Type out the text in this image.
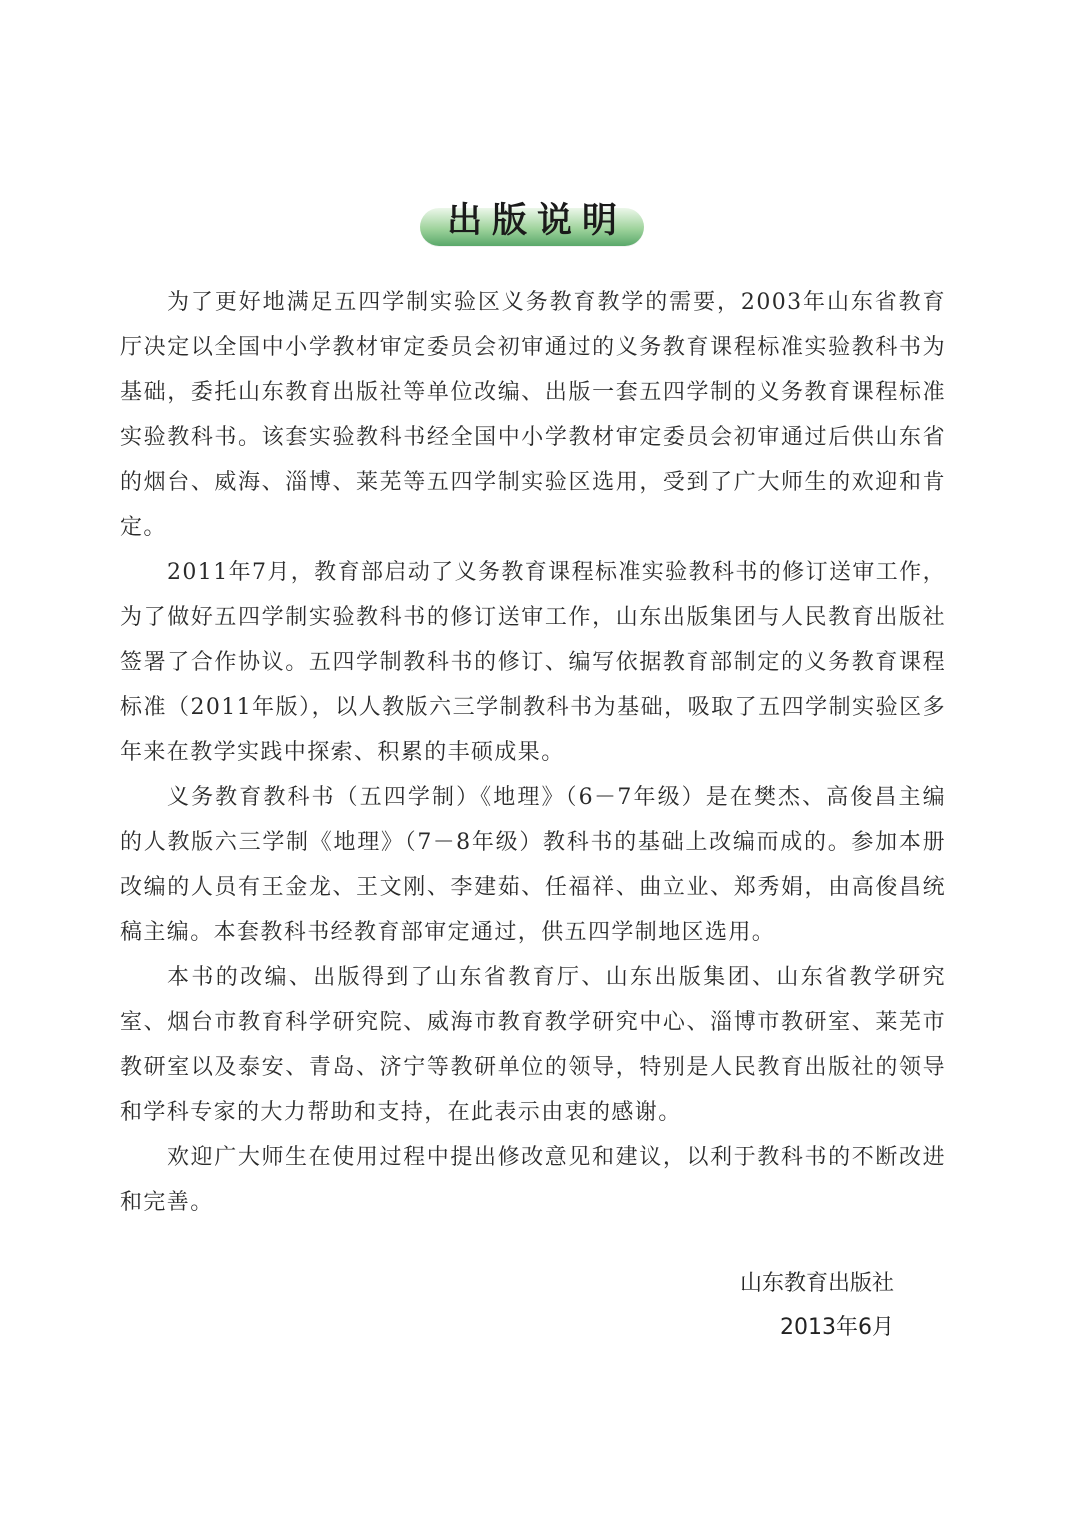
出版说明

为了更好地满足五四学制实验区义务教育教学的需要，2003年山东省教育厅决定以全国中小学教材审定委员会初审通过的义务教育课程标准实验教科书为基础，委托山东教育出版社等单位改编、出版一套五四学制的义务教育课程标准实验教科书。该套实验教科书经全国中小学教材审定委员会初审通过后供山东省的烟台、威海、淄博、莱芜等五四学制实验区选用，受到了广大师生的欢迎和肯定。

2011年7月，教育部启动了义务教育课程标准实验教科书的修订送审工作，为了做好五四学制实验教科书的修订送审工作，山东出版集团与人民教育出版社签署了合作协议。五四学制教科书的修订、编写依据教育部制定的义务教育课程标准（2011年版），以人教版六三学制教科书为基础，吸取了五四学制实验区多年来在教学实践中探索、积累的丰硕成果。

义务教育教科书（五四学制）《地理》（6－7年级）是在樊杰、高俊昌主编的人教版六三学制《地理》（7－8年级）教科书的基础上改编而成的。参加本册改编的人员有王金龙、王文刚、李建茹、任福祥、曲立业、郑秀娟，由高俊昌统稿主编。本套教科书经教育部审定通过，供五四学制地区选用。

本书的改编、出版得到了山东省教育厅、山东出版集团、山东省教学研究室、烟台市教育科学研究院、威海市教育教学研究中心、淄博市教研室、莱芜市教研室以及泰安、青岛、济宁等教研单位的领导，特别是人民教育出版社的领导和学科专家的大力帮助和支持，在此表示由衷的感谢。

欢迎广大师生在使用过程中提出修改意见和建议，以利于教科书的不断改进和完善。

山东教育出版社
2013年6月
